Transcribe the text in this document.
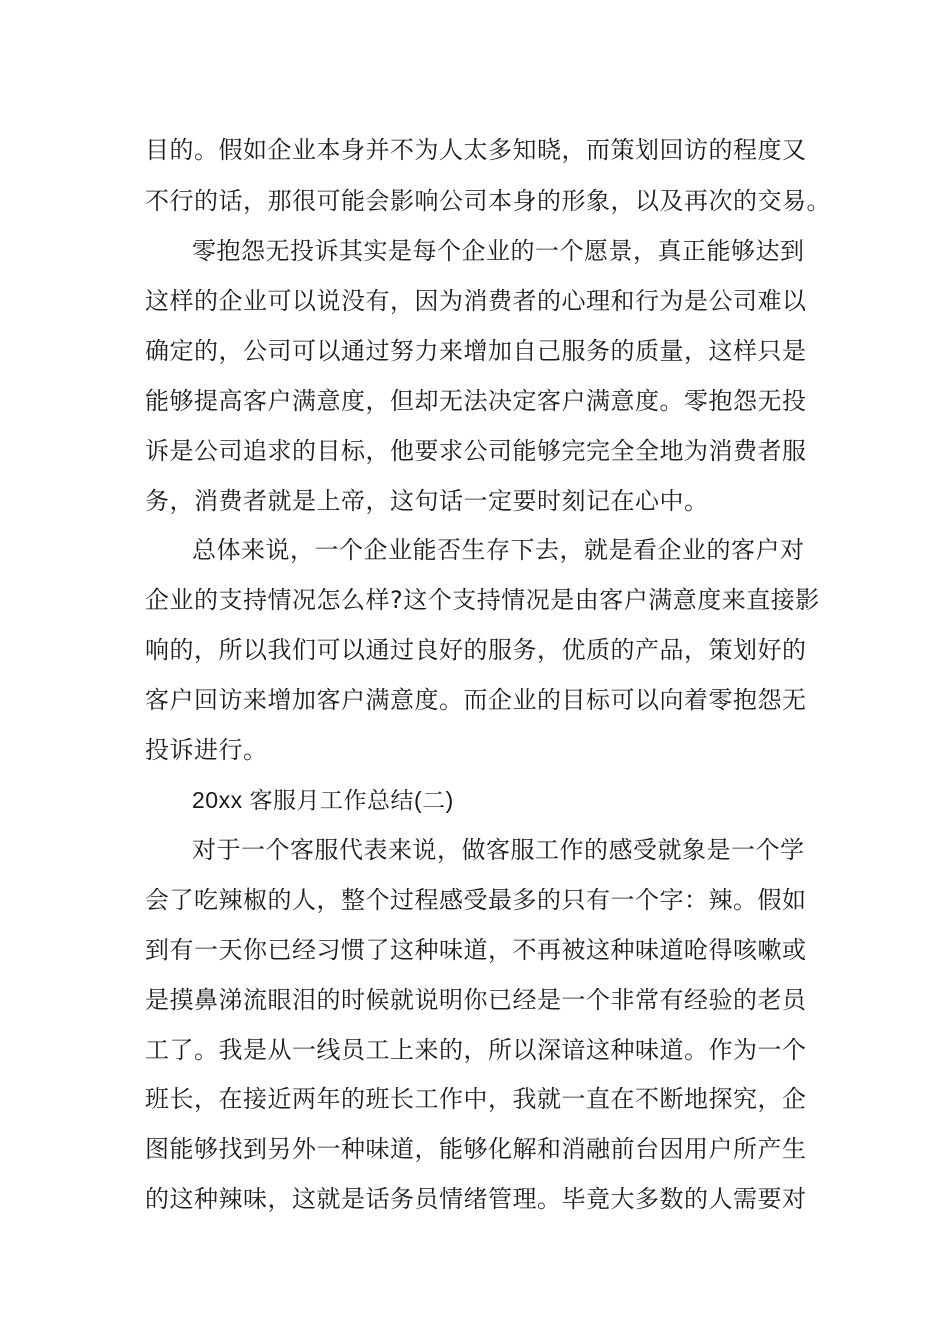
目的。假如企业本身并不为人太多知晓，而策划回访的程度又
不行的话，那很可能会影响公司本身的形象，以及再次的交易。
零抱怨无投诉其实是每个企业的一个愿景，真正能够达到
这样的企业可以说没有，因为消费者的心理和行为是公司难以
确定的，公司可以通过努力来增加自己服务的质量，这样只是
能够提高客户满意度，但却无法决定客户满意度。零抱怨无投
诉是公司追求的目标，他要求公司能够完完全全地为消费者服
务，消费者就是上帝，这句话一定要时刻记在心中。
总体来说，一个企业能否生存下去，就是看企业的客户对
企业的支持情况怎么样?这个支持情况是由客户满意度来直接影
响的，所以我们可以通过良好的服务，优质的产品，策划好的
客户回访来增加客户满意度。而企业的目标可以向着零抱怨无
投诉进行。
20xx 客服月工作总结(二)
对于一个客服代表来说，做客服工作的感受就象是一个学
会了吃辣椒的人，整个过程感受最多的只有一个字：辣。假如
到有一天你已经习惯了这种味道，不再被这种味道呛得咳嗽或
是摸鼻涕流眼泪的时候就说明你已经是一个非常有经验的老员
工了。我是从一线员工上来的，所以深谙这种味道。作为一个
班长，在接近两年的班长工作中，我就一直在不断地探究，企
图能够找到另外一种味道，能够化解和消融前台因用户所产生
的这种辣味，这就是话务员情绪管理。毕竟大多数的人需要对
